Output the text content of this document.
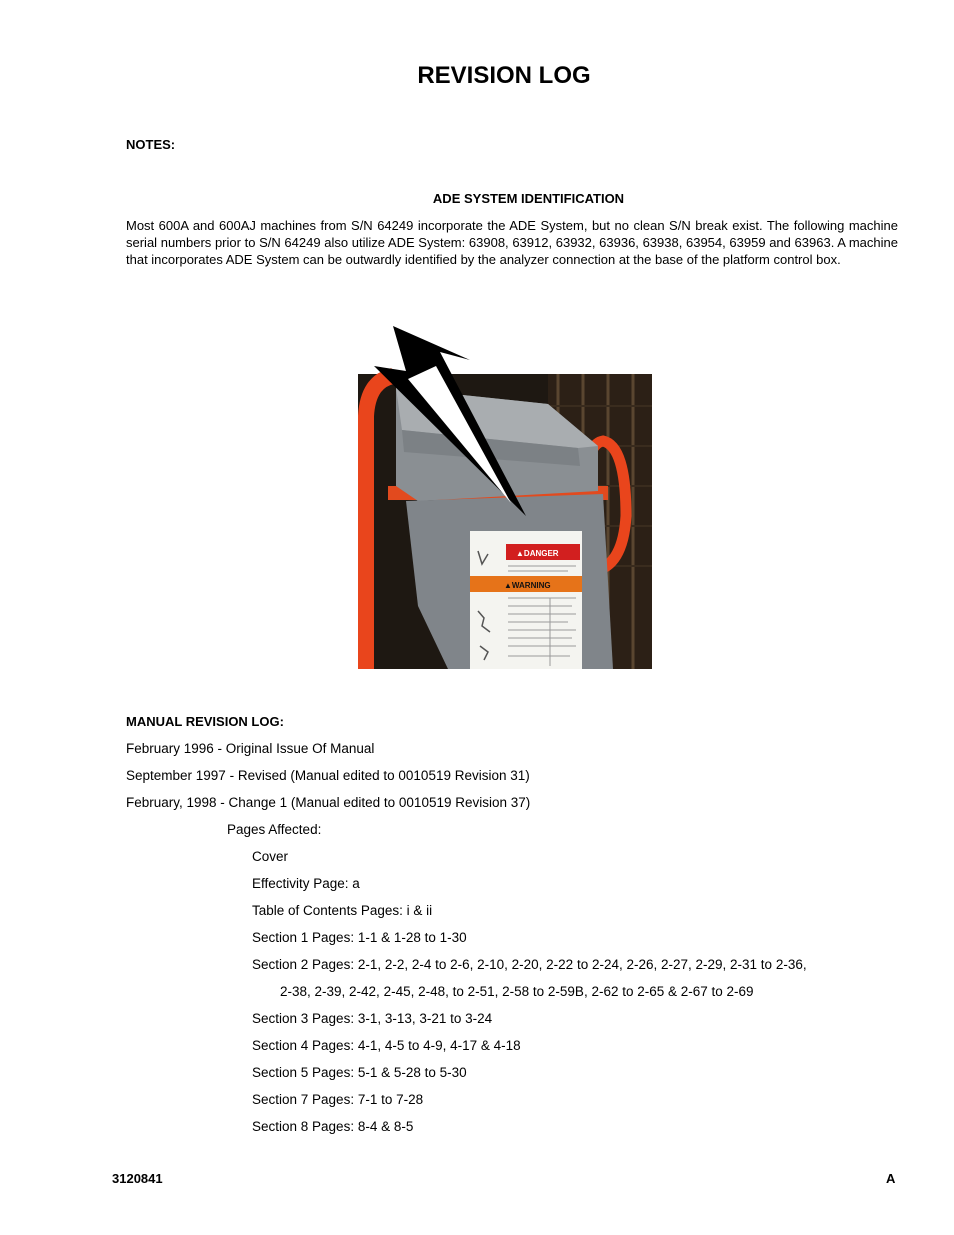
REVISION LOG
NOTES:
ADE SYSTEM IDENTIFICATION
Most 600A and 600AJ machines from S/N 64249 incorporate the ADE System, but no clean S/N break exist. The following machine serial numbers prior to S/N 64249 also utilize ADE System: 63908, 63912, 63932, 63936, 63938, 63954, 63959 and 63963. A machine that incorporates ADE System can be outwardly identified by the analyzer connection at the base of the platform control box.
▲DANGER
▲WARNING
MANUAL REVISION LOG:
February 1996 - Original Issue Of Manual
September 1997 - Revised (Manual edited to 0010519 Revision 31)
February, 1998 - Change 1 (Manual edited to 0010519 Revision 37)
Pages Affected:
Cover
Effectivity Page: a
Table of Contents Pages: i & ii
Section 1 Pages: 1-1 & 1-28 to 1-30
Section 2 Pages: 2-1, 2-2, 2-4 to 2-6, 2-10, 2-20, 2-22 to 2-24, 2-26, 2-27, 2-29, 2-31 to 2-36,
2-38, 2-39, 2-42, 2-45, 2-48, to 2-51, 2-58 to 2-59B, 2-62 to 2-65 & 2-67 to 2-69
Section 3 Pages: 3-1, 3-13, 3-21 to 3-24
Section 4 Pages: 4-1, 4-5 to 4-9, 4-17 & 4-18
Section 5 Pages: 5-1 & 5-28 to 5-30
Section 7 Pages: 7-1 to 7-28
Section 8 Pages: 8-4 & 8-5
3120841	A
